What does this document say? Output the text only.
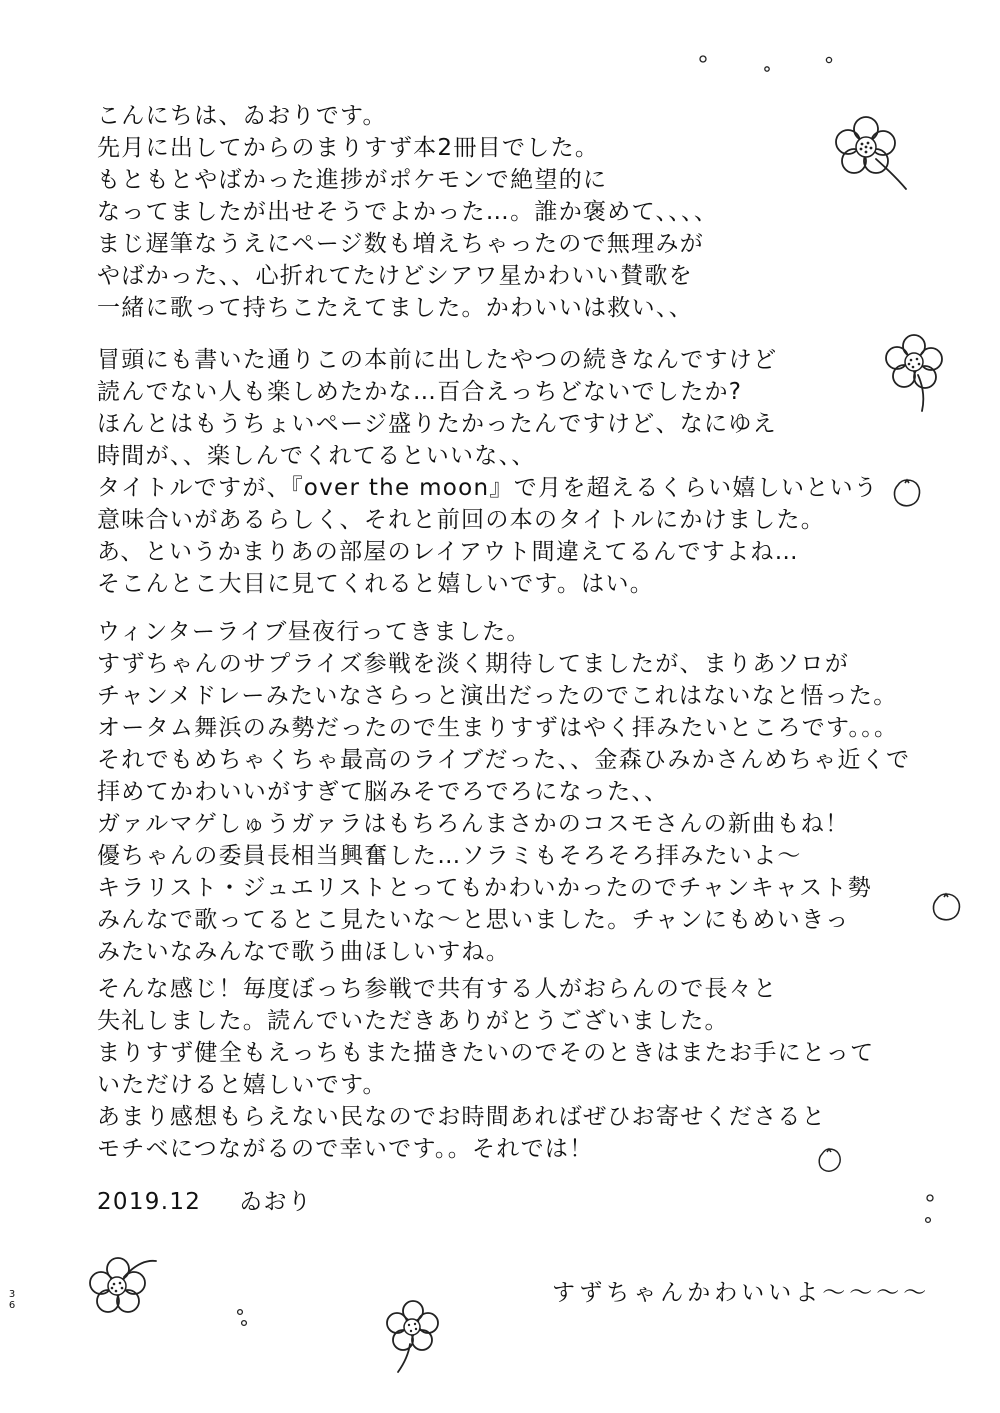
こんにちは、ゐおりです。
先月に出してからのまりすず本2冊目でした。
もともとやばかった進捗がポケモンで絶望的に
なってましたが出せそうでよかった…。誰か褒めて、、、、
まじ遅筆なうえにページ数も増えちゃったので無理みが
やばかった、、心折れてたけどシアワ星かわいい賛歌を
一緒に歌って持ちこたえてました。かわいいは救い、、
冒頭にも書いた通りこの本前に出したやつの続きなんですけど
読んでない人も楽しめたかな…百合えっちどないでしたか?
ほんとはもうちょいページ盛りたかったんですけど、なにゆえ
時間が、、楽しんでくれてるといいな、、
タイトルですが、『over the moon』で月を超えるくらい嬉しいという
意味合いがあるらしく、それと前回の本のタイトルにかけました。
あ、というかまりあの部屋のレイアウト間違えてるんですよね…
そこんとこ大目に見てくれると嬉しいです。はい。
ウィンターライブ昼夜行ってきました。
すずちゃんのサプライズ参戦を淡く期待してましたが、まりあソロが
チャンメドレーみたいなさらっと演出だったのでこれはないなと悟った。
オータム舞浜のみ勢だったので生まりすずはやく拝みたいところです。。。
それでもめちゃくちゃ最高のライブだった、、金森ひみかさんめちゃ近くで
拝めてかわいいがすぎて脳みそでろでろになった、、
ガァルマゲしゅうガァラはもちろんまさかのコスモさんの新曲もね！
優ちゃんの委員長相当興奮した…ソラミもそろそろ拝みたいよ～
キラリスト・ジュエリストとってもかわいかったのでチャンキャスト勢
みんなで歌ってるとこ見たいな～と思いました。チャンにもめいきっ
みたいなみんなで歌う曲ほしいすね。
そんな感じ！毎度ぼっち参戦で共有する人がおらんので長々と
失礼しました。読んでいただきありがとうございました。
まりすず健全もえっちもまた描きたいのでそのときはまたお手にとって
いただけると嬉しいです。
あまり感想もらえない民なのでお時間あればぜひお寄せくださると
モチベにつながるので幸いです。。それでは！
2019.12 ゐおり
すずちゃんかわいいよ～～～～
3
6
